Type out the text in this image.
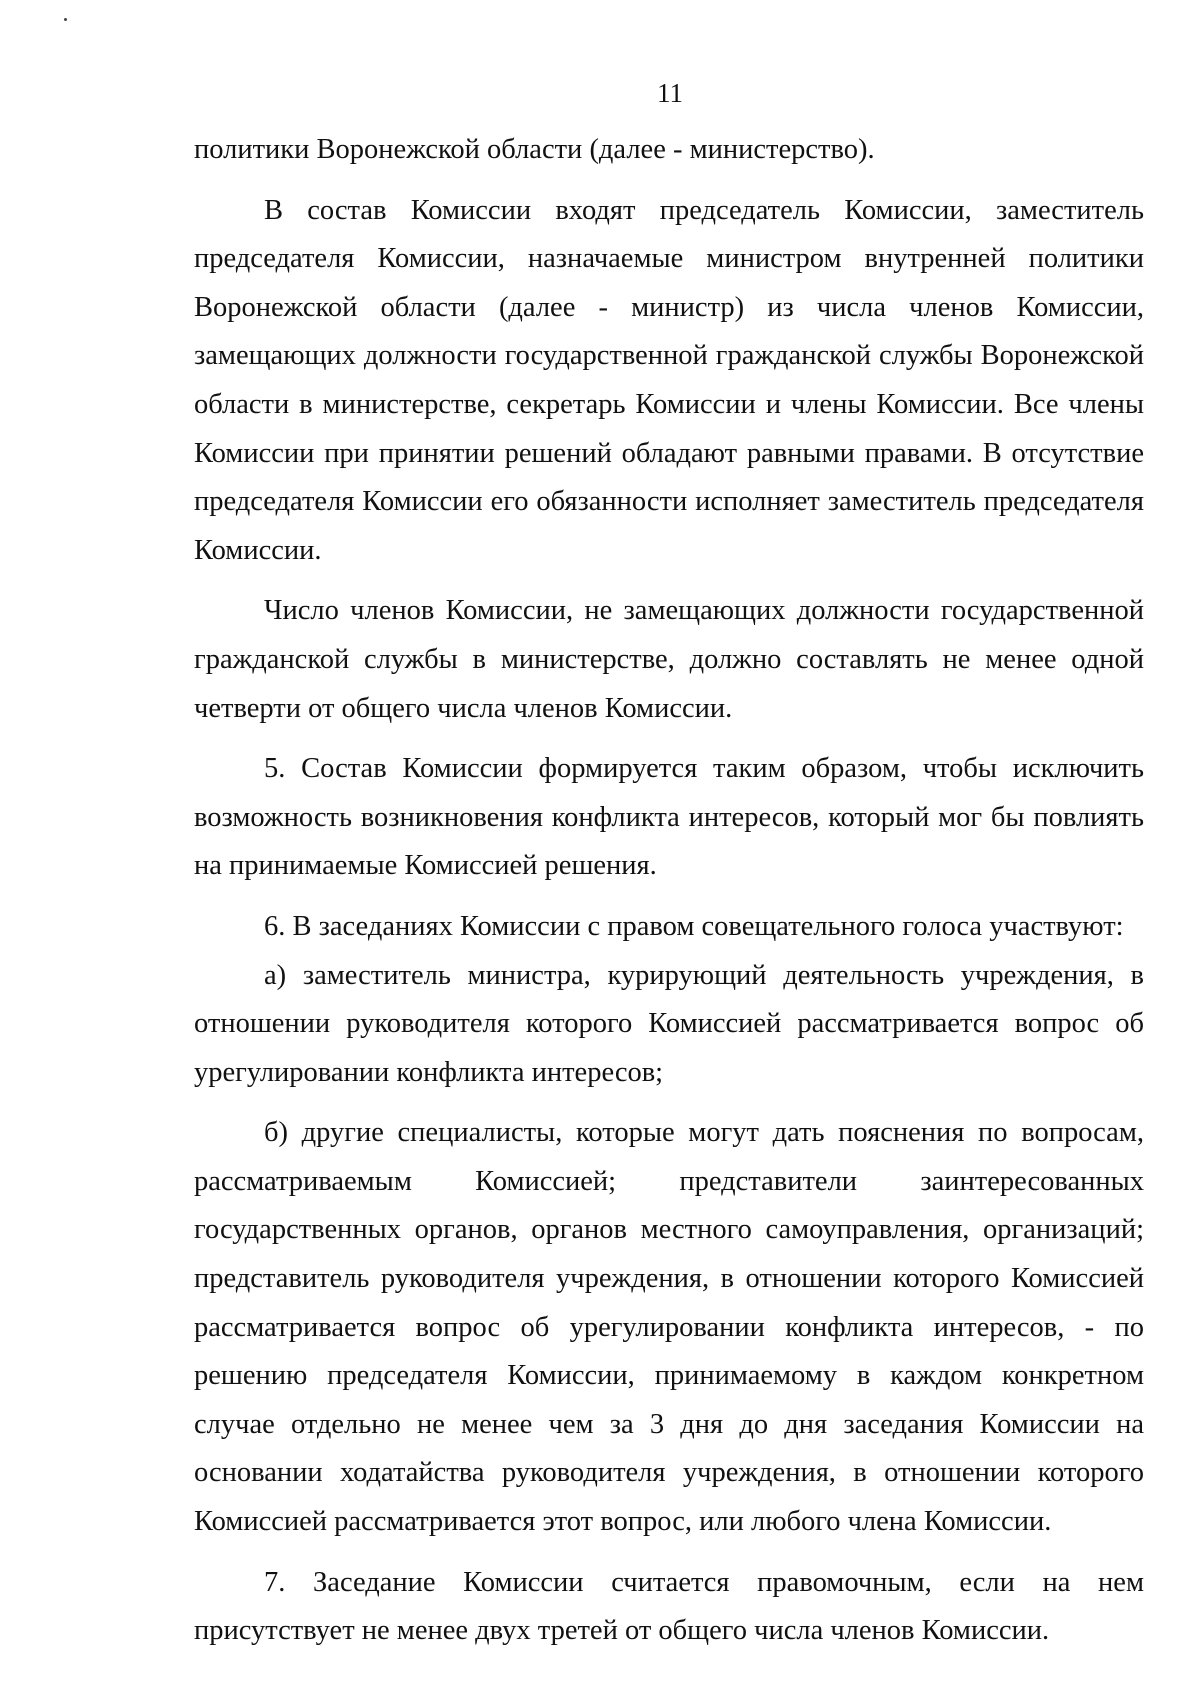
11

политики Воронежской области (далее - министерство).

В состав Комиссии входят председатель Комиссии, заместитель председателя Комиссии, назначаемые министром внутренней политики Воронежской области (далее - министр) из числа членов Комиссии, замещающих должности государственной гражданской службы Воронежской области в министерстве, секретарь Комиссии и члены Комиссии. Все члены Комиссии при принятии решений обладают равными правами. В отсутствие председателя Комиссии его обязанности исполняет заместитель председателя Комиссии.

Число членов Комиссии, не замещающих должности государственной гражданской службы в министерстве, должно составлять не менее одной четверти от общего числа членов Комиссии.

5. Состав Комиссии формируется таким образом, чтобы исключить возможность возникновения конфликта интересов, который мог бы повлиять на принимаемые Комиссией решения.

6. В заседаниях Комиссии с правом совещательного голоса участвуют:

а) заместитель министра, курирующий деятельность учреждения, в отношении руководителя которого Комиссией рассматривается вопрос об урегулировании конфликта интересов;

б) другие специалисты, которые могут дать пояснения по вопросам, рассматриваемым Комиссией; представители заинтересованных государственных органов, органов местного самоуправления, организаций; представитель руководителя учреждения, в отношении которого Комиссией рассматривается вопрос об урегулировании конфликта интересов, - по решению председателя Комиссии, принимаемому в каждом конкретном случае отдельно не менее чем за 3 дня до дня заседания Комиссии на основании ходатайства руководителя учреждения, в отношении которого Комиссией рассматривается этот вопрос, или любого члена Комиссии.

7. Заседание Комиссии считается правомочным, если на нем присутствует не менее двух третей от общего числа членов Комиссии.
